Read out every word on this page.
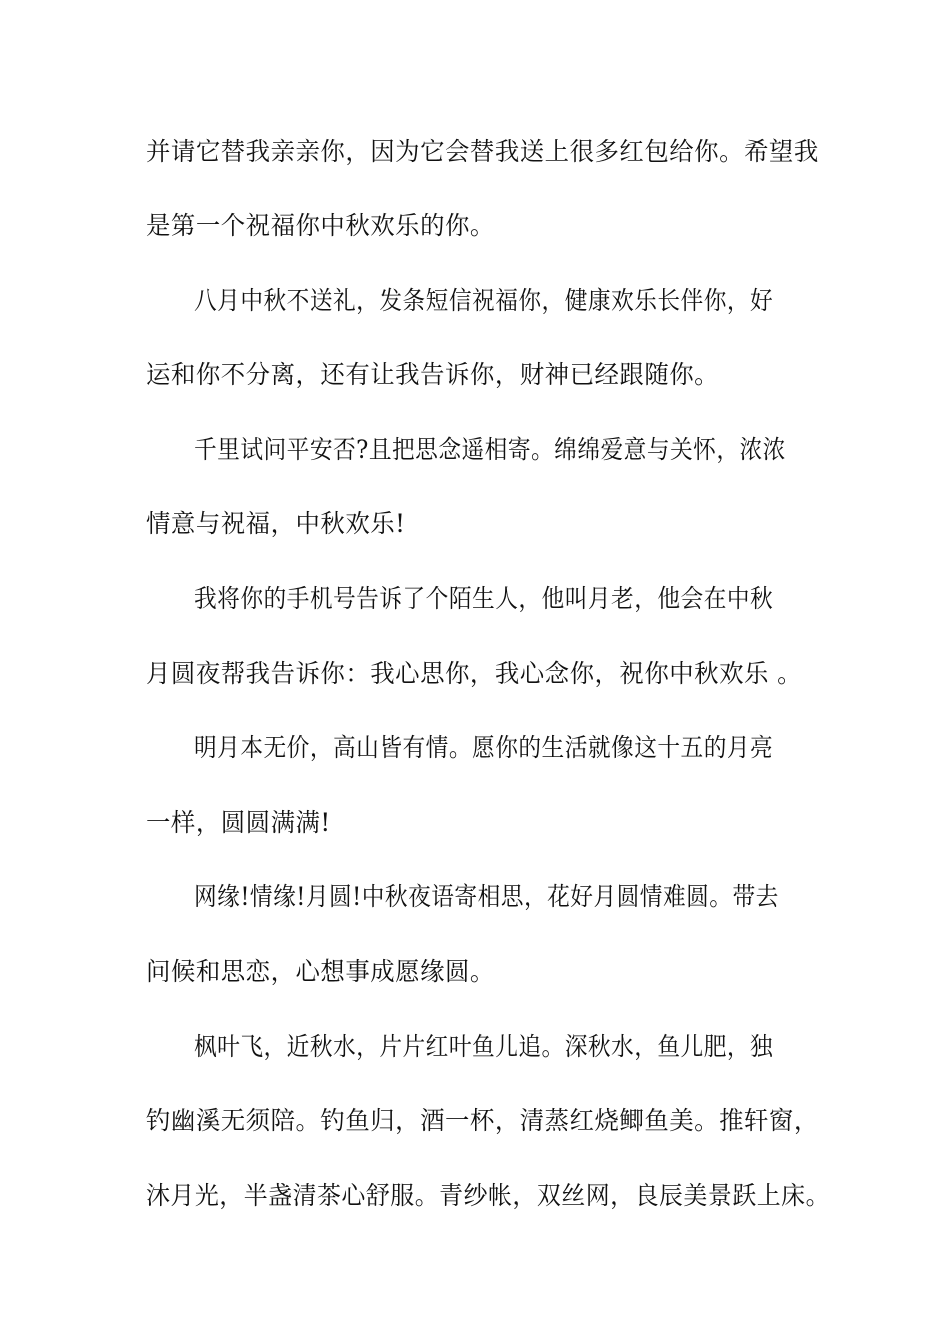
并请它替我亲亲你，因为它会替我送上很多红包给你。希望我
是第一个祝福你中秋欢乐的你。
八月中秋不送礼，发条短信祝福你，健康欢乐长伴你，好
运和你不分离，还有让我告诉你，财神已经跟随你。
千里试问平安否?且把思念遥相寄。绵绵爱意与关怀，浓浓
情意与祝福，中秋欢乐!
我将你的手机号告诉了个陌生人，他叫月老，他会在中秋
月圆夜帮我告诉你：我心思你，我心念你，祝你中秋欢乐 。
明月本无价，高山皆有情。愿你的生活就像这十五的月亮
一样，圆圆满满!
网缘!情缘!月圆!中秋夜语寄相思，花好月圆情难圆。带去
问候和思恋，心想事成愿缘圆。
枫叶飞，近秋水，片片红叶鱼儿追。深秋水，鱼儿肥，独
钓幽溪无须陪。钓鱼归，酒一杯，清蒸红烧鲫鱼美。推轩窗，
沐月光，半盏清茶心舒服。青纱帐，双丝网，良辰美景跃上床。
